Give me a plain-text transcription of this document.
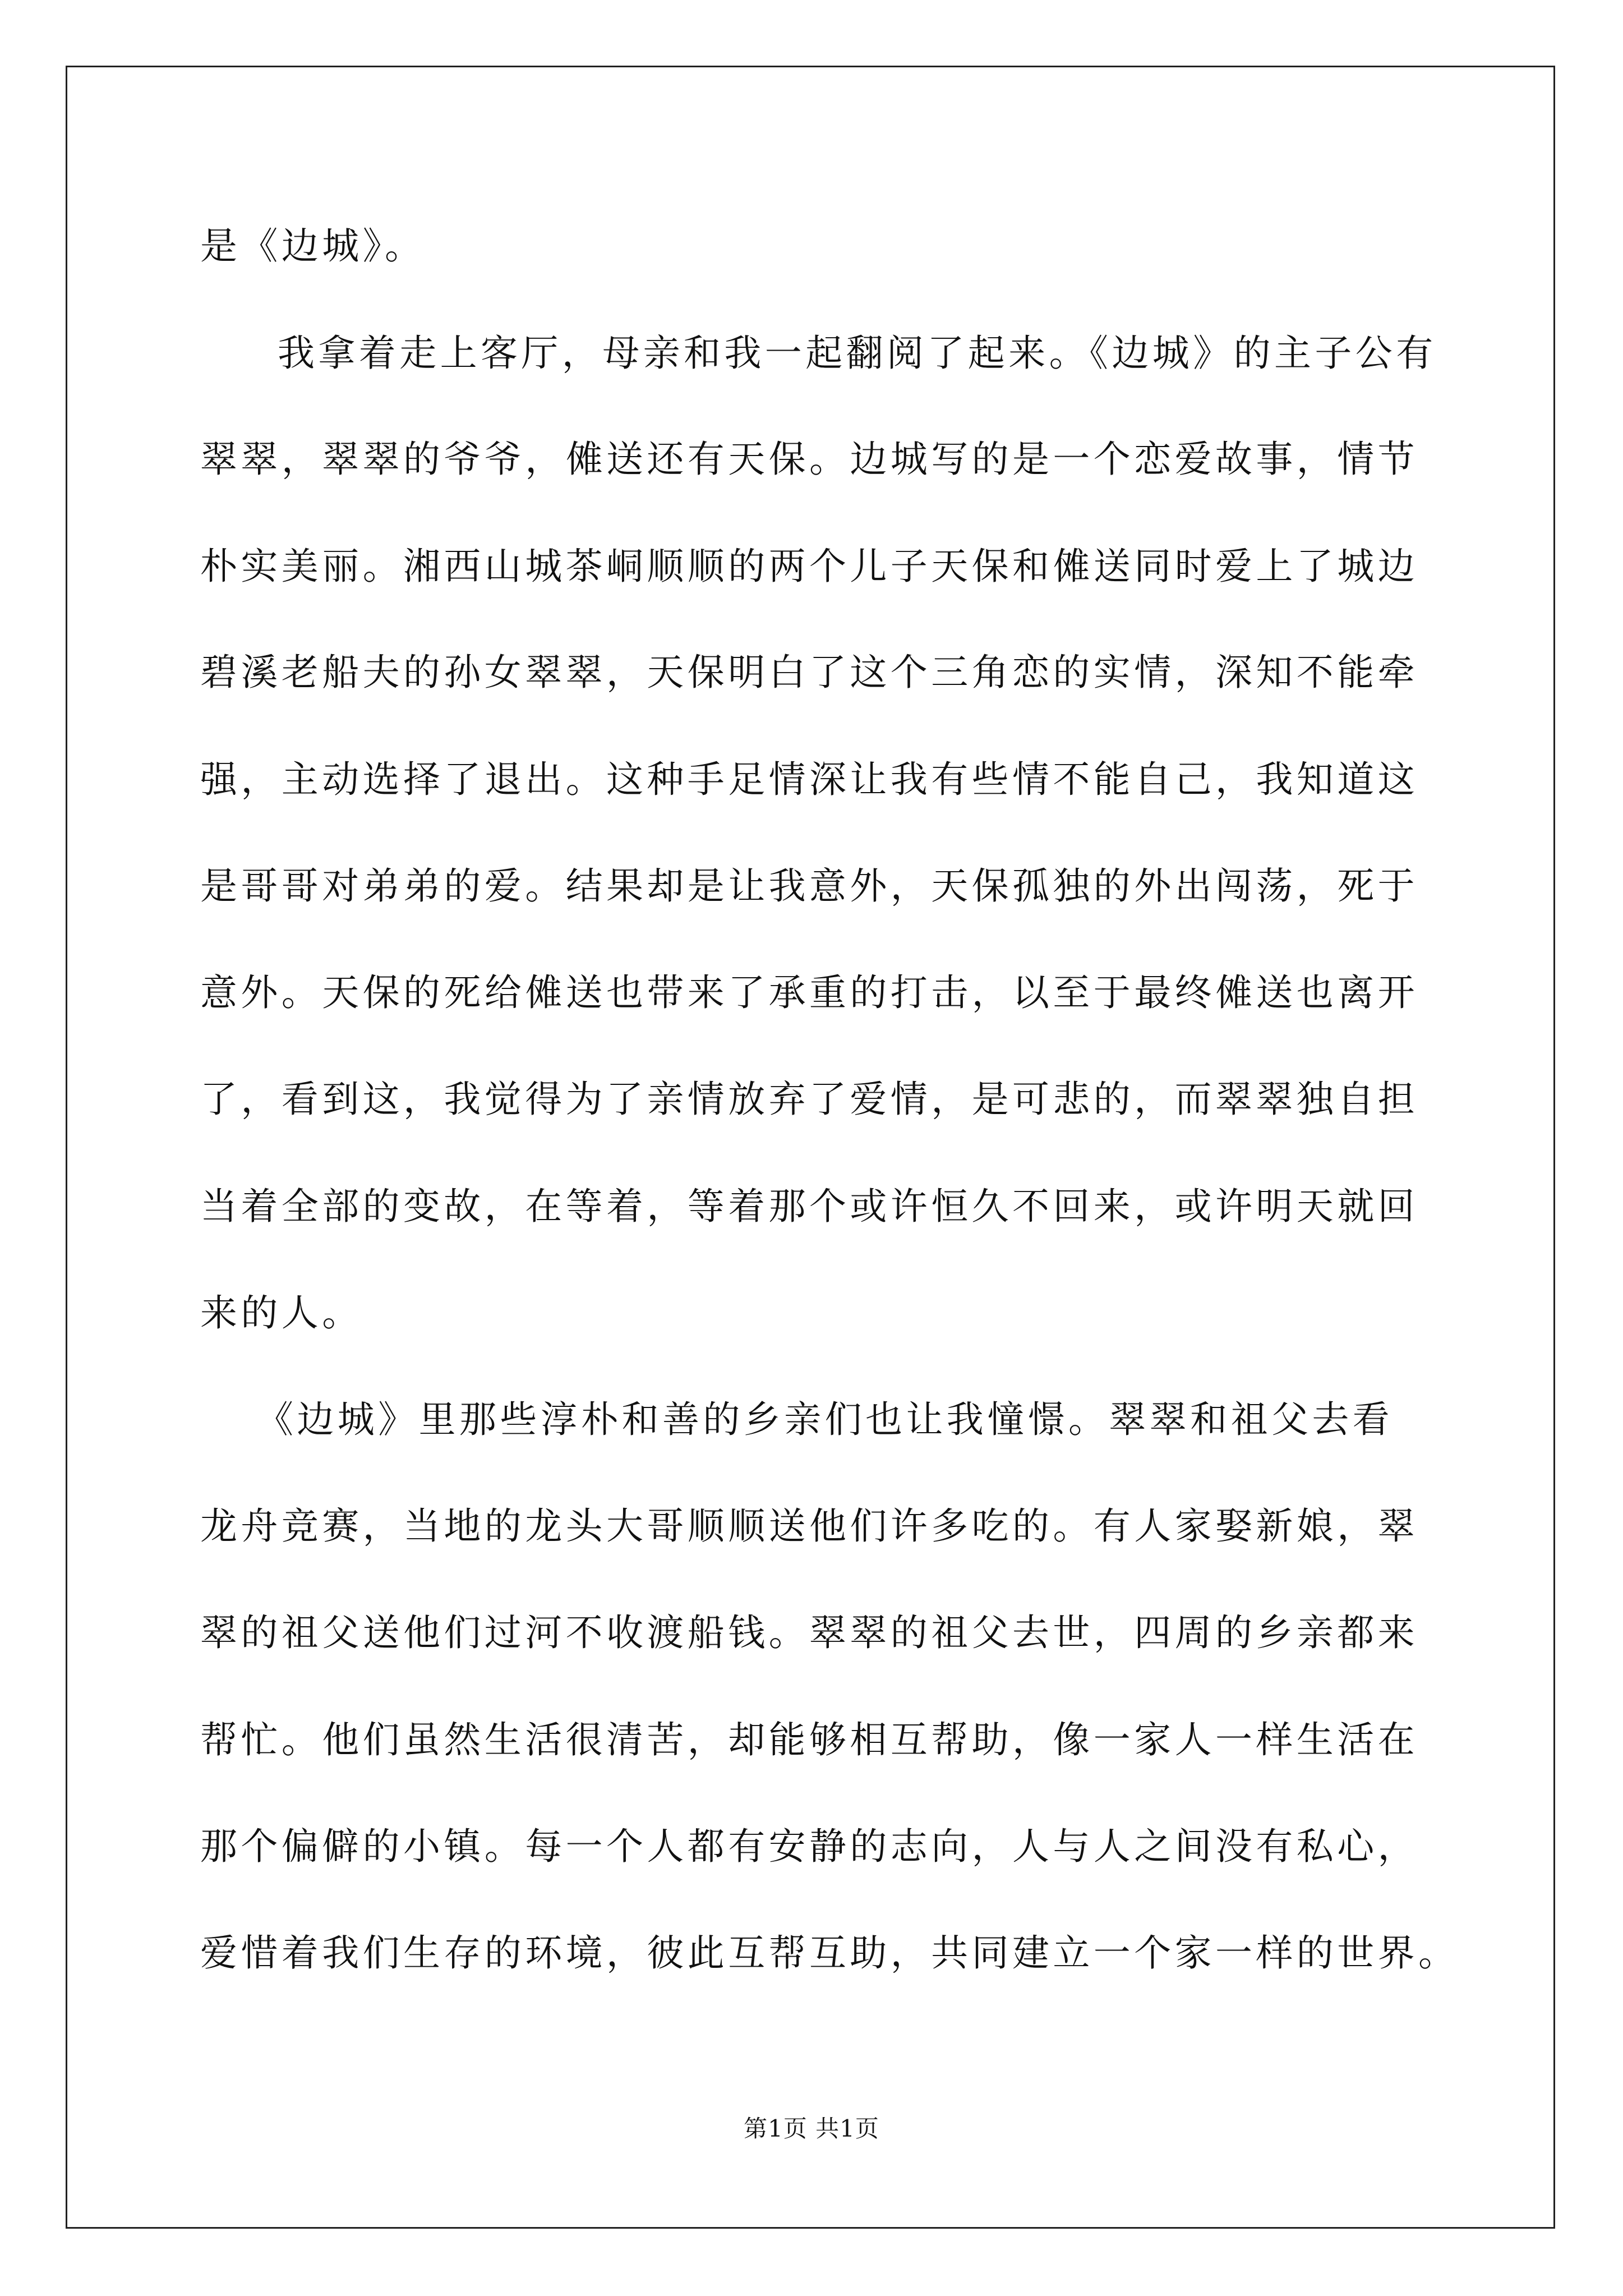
是《边城》。
我拿着走上客厅，母亲和我一起翻阅了起来。《边城》的主子公有
翠翠，翠翠的爷爷，傩送还有天保。边城写的是一个恋爱故事，情节
朴实美丽。湘西山城茶峒顺顺的两个儿子天保和傩送同时爱上了城边
碧溪老船夫的孙女翠翠，天保明白了这个三角恋的实情，深知不能牵
强，主动选择了退出。这种手足情深让我有些情不能自己，我知道这
是哥哥对弟弟的爱。结果却是让我意外，天保孤独的外出闯荡，死于
意外。天保的死给傩送也带来了承重的打击，以至于最终傩送也离开
了，看到这，我觉得为了亲情放弃了爱情，是可悲的，而翠翠独自担
当着全部的变故，在等着，等着那个或许恒久不回来，或许明天就回
来的人。
《边城》里那些淳朴和善的乡亲们也让我憧憬。翠翠和祖父去看
龙舟竞赛，当地的龙头大哥顺顺送他们许多吃的。有人家娶新娘，翠
翠的祖父送他们过河不收渡船钱。翠翠的祖父去世，四周的乡亲都来
帮忙。他们虽然生活很清苦，却能够相互帮助，像一家人一样生活在
那个偏僻的小镇。每一个人都有安静的志向，人与人之间没有私心，
爱惜着我们生存的环境，彼此互帮互助，共同建立一个家一样的世界。
第1页 共1页
